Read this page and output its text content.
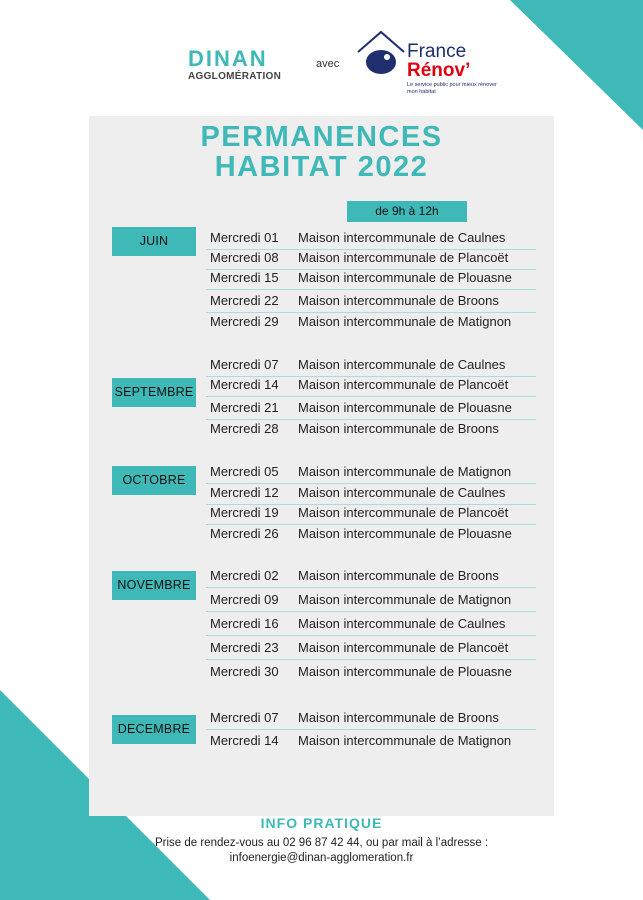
DINAN
AGGLOMÉRATION
avec
France
Rénov’
Le service public pour mieux rénover mon habitat
PERMANENCES
HABITAT 2022
de 9h à 12h
JUIN	Mercredi 01 Maison intercommunale de Caulnes
Mercredi 08 Maison intercommunale de Plancoët
Mercredi 15 Maison intercommunale de Plouasne
Mercredi 22 Maison intercommunale de Broons
Mercredi 29 Maison intercommunale de Matignon
SEPTEMBRE
Mercredi 07 Maison intercommunale de Caulnes
Mercredi 14 Maison intercommunale de Plancoët
Mercredi 21 Maison intercommunale de Plouasne
Mercredi 28 Maison intercommunale de Broons
OCTOBRE
Mercredi 05 Maison intercommunale de Matignon
Mercredi 12 Maison intercommunale de Caulnes
Mercredi 19 Maison intercommunale de Plancoët
Mercredi 26 Maison intercommunale de Plouasne
NOVEMBRE
Mercredi 02 Maison intercommunale de Broons
Mercredi 09 Maison intercommunale de Matignon
Mercredi 16 Maison intercommunale de Caulnes
Mercredi 23 Maison intercommunale de Plancoët
Mercredi 30 Maison intercommunale de Plouasne
DECEMBRE
Mercredi 07 Maison intercommunale de Broons
Mercredi 14 Maison intercommunale de Matignon
INFO PRATIQUE
Prise de rendez-vous au 02 96 87 42 44, ou par mail à l’adresse :
infoenergie@dinan-agglomeration.fr
